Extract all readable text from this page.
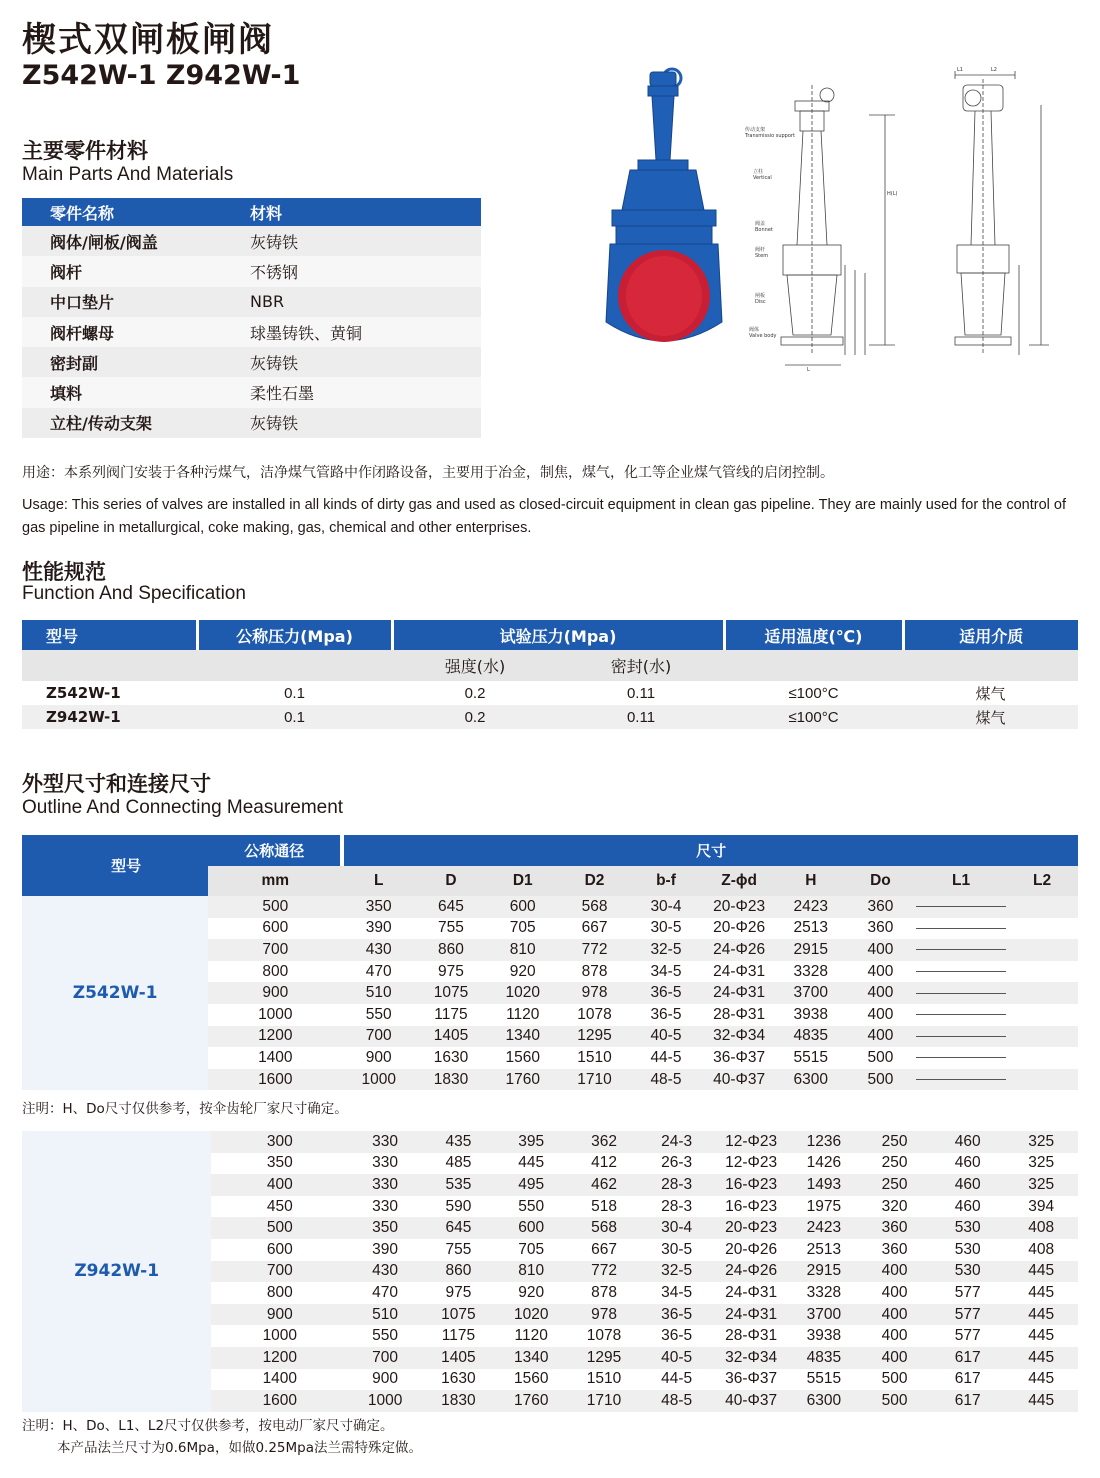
楔式双闸板闸阀
Z542W-1 Z942W-1
主要零件材料
Main Parts And Materials
零件名称	材料
阀体/闸板/阀盖	灰铸铁
阀杆	不锈钢
中口垫片	NBR
阀杆螺母	球墨铸铁、黄铜
密封副	灰铸铁
填料	柔性石墨
立柱/传动支架	灰铸铁
传动支架
Transmissio support
立柱
Vertical
阀盖
Bonnet
阀杆
Stem
闸板
Disc
阀体
Valve body
H(L)
L
L1	L2
用途：本系列阀门安装于各种污煤气，洁净煤气管路中作闭路设备，主要用于冶金，制焦，煤气，化工等企业煤气管线的启闭控制。
Usage: This series of valves are installed in all kinds of dirty gas and used as closed-circuit equipment in clean gas pipeline. They are mainly used for the control of gas pipeline in metallurgical, coke making, gas, chemical and other enterprises.
性能规范
Function And Specification
型号	公称压力(Mpa)	试验压力(Mpa)		适用温度(℃)	适用介质
		强度(水)	密封(水)		
Z542W-1	0.1	0.2	0.11	≤100°C	煤气
Z942W-1	0.1	0.2	0.11	≤100°C	煤气
外型尺寸和连接尺寸
Outline And Connecting Measurement
型号	公称通径	尺寸									
	mm	L	D	D1	D2	b-f	Z-ϕd	H	Do	L1	L2
Z542W-1	500	350	645	600	568	30-4	20-Φ23	2423	360		
	600	390	755	705	667	30-5	20-Φ26	2513	360		
	700	430	860	810	772	32-5	24-Φ26	2915	400		
	800	470	975	920	878	34-5	24-Φ31	3328	400		
	900	510	1075	1020	978	36-5	24-Φ31	3700	400		
	1000	550	1175	1120	1078	36-5	28-Φ31	3938	400		
	1200	700	1405	1340	1295	40-5	32-Φ34	4835	400		
	1400	900	1630	1560	1510	44-5	36-Φ37	5515	500		
	1600	1000	1830	1760	1710	48-5	40-Φ37	6300	500		
注明：H、Do尺寸仅供参考，按伞齿轮厂家尺寸确定。
Z942W-1	300	330	435	395	362	24-3	12-Φ23	1236	250	460	325
	350	330	485	445	412	26-3	12-Φ23	1426	250	460	325
	400	330	535	495	462	28-3	16-Φ23	1493	250	460	325
	450	330	590	550	518	28-3	16-Φ23	1975	320	460	394
	500	350	645	600	568	30-4	20-Φ23	2423	360	530	408
	600	390	755	705	667	30-5	20-Φ26	2513	360	530	408
	700	430	860	810	772	32-5	24-Φ26	2915	400	530	445
	800	470	975	920	878	34-5	24-Φ31	3328	400	577	445
	900	510	1075	1020	978	36-5	24-Φ31	3700	400	577	445
	1000	550	1175	1120	1078	36-5	28-Φ31	3938	400	577	445
	1200	700	1405	1340	1295	40-5	32-Φ34	4835	400	617	445
	1400	900	1630	1560	1510	44-5	36-Φ37	5515	500	617	445
	1600	1000	1830	1760	1710	48-5	40-Φ37	6300	500	617	445
注明：H、Do、L1、L2尺寸仅供参考，按电动厂家尺寸确定。
本产品法兰尺寸为0.6Mpa，如做0.25Mpa法兰需特殊定做。
